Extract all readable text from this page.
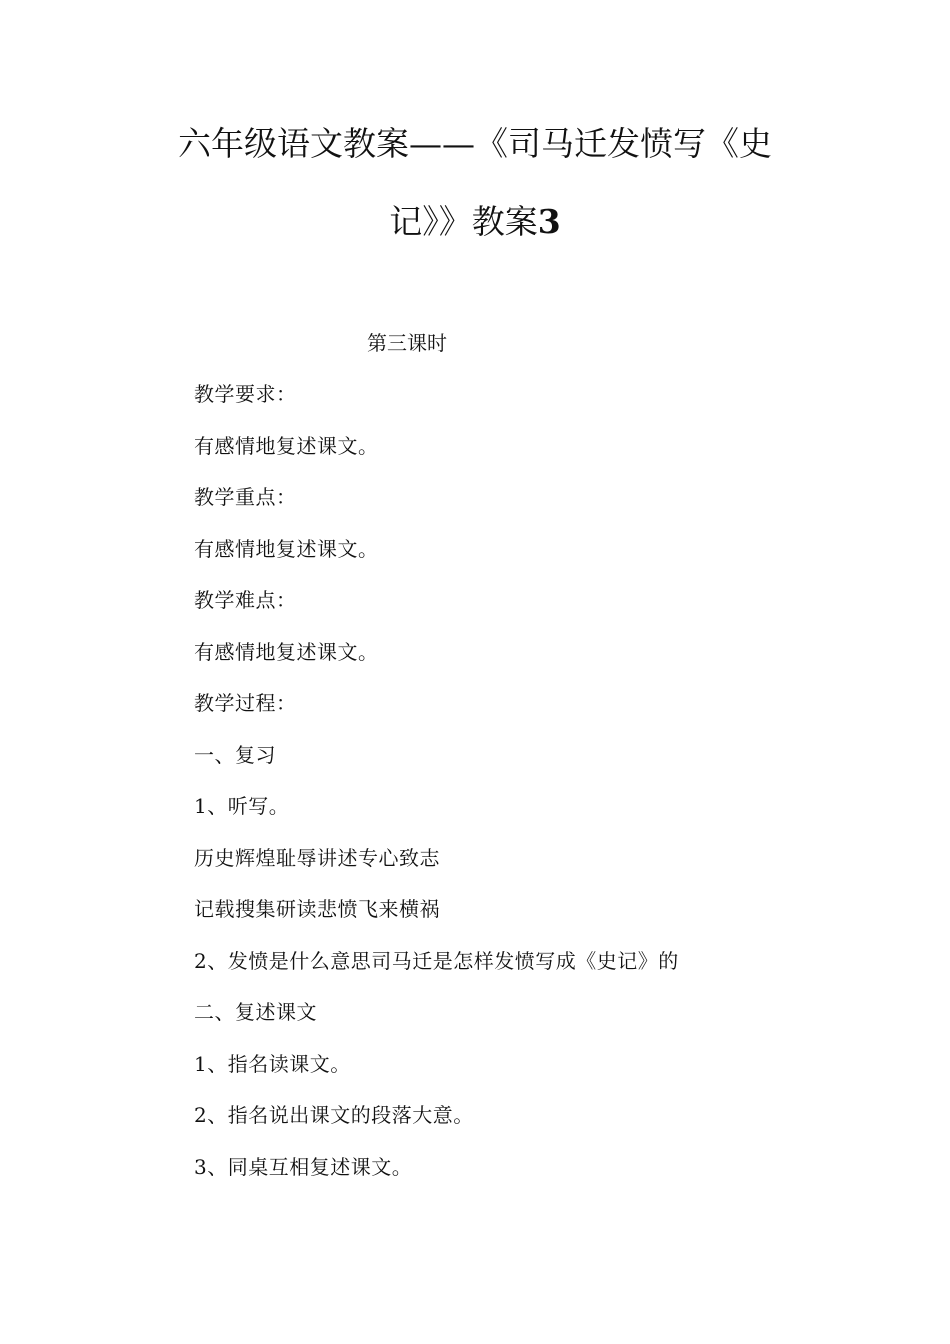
六年级语文教案——《司马迁发愤写《史
记》》教案3

第三课时

教学要求：
有感情地复述课文。
教学重点：
有感情地复述课文。
教学难点：
有感情地复述课文。
教学过程：
一、复习
1、听写。
历史辉煌耻辱讲述专心致志
记载搜集研读悲愤飞来横祸
2、发愤是什么意思司马迁是怎样发愤写成《史记》的
二、复述课文
1、指名读课文。
2、指名说出课文的段落大意。
3、同桌互相复述课文。
